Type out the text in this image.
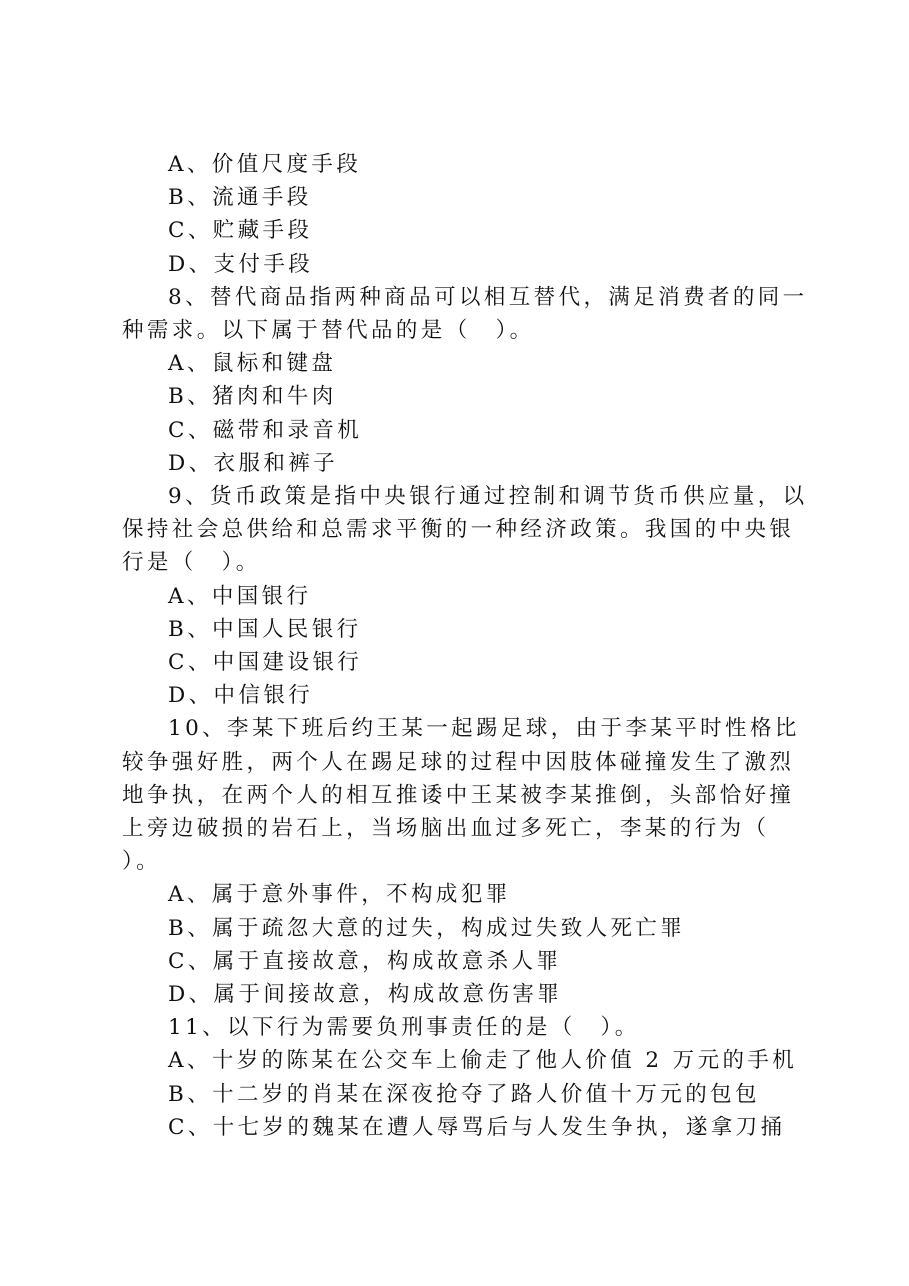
A、价值尺度手段
B、流通手段
C、贮藏手段
D、支付手段
8、替代商品指两种商品可以相互替代，满足消费者的同一
种需求。以下属于替代品的是（　）。
A、鼠标和键盘
B、猪肉和牛肉
C、磁带和录音机
D、衣服和裤子
9、货币政策是指中央银行通过控制和调节货币供应量，以
保持社会总供给和总需求平衡的一种经济政策。我国的中央银
行是（　）。
A、中国银行
B、中国人民银行
C、中国建设银行
D、中信银行
10、李某下班后约王某一起踢足球，由于李某平时性格比
较争强好胜，两个人在踢足球的过程中因肢体碰撞发生了激烈
地争执，在两个人的相互推诿中王某被李某推倒，头部恰好撞
上旁边破损的岩石上，当场脑出血过多死亡，李某的行为（
）。
A、属于意外事件，不构成犯罪
B、属于疏忽大意的过失，构成过失致人死亡罪
C、属于直接故意，构成故意杀人罪
D、属于间接故意，构成故意伤害罪
11、以下行为需要负刑事责任的是（　）。
A、十岁的陈某在公交车上偷走了他人价值 2 万元的手机
B、十二岁的肖某在深夜抢夺了路人价值十万元的包包
C、十七岁的魏某在遭人辱骂后与人发生争执，遂拿刀捅
